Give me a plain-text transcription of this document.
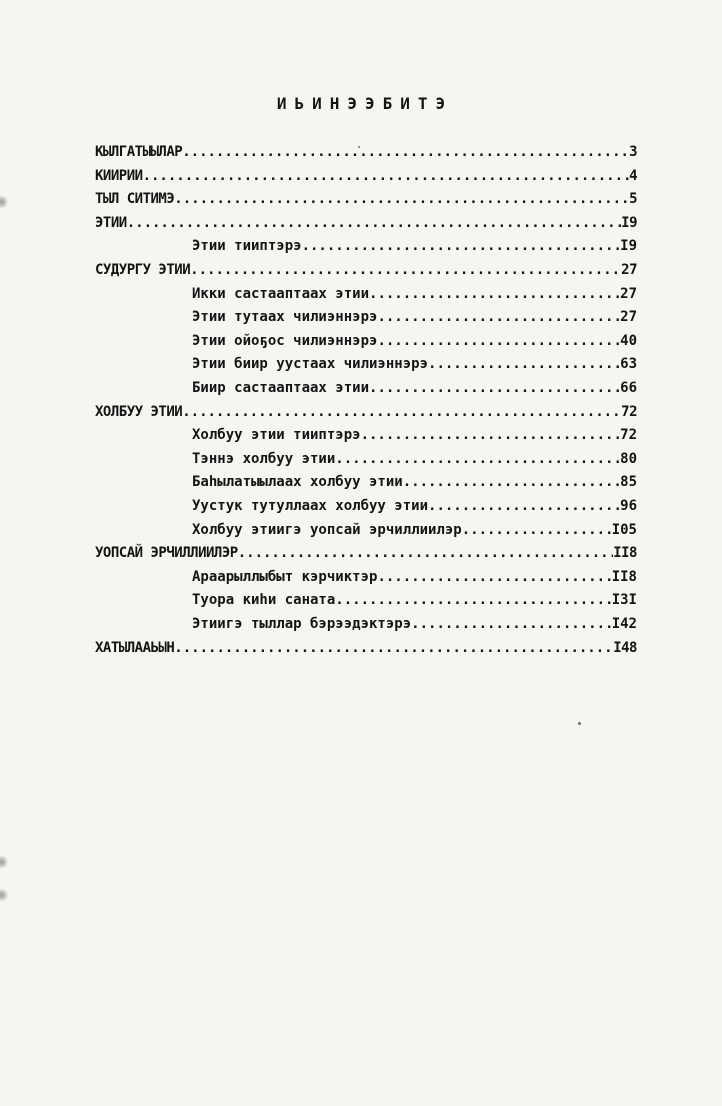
ИЬИНЭЭБИТЭ
КЫЛГАТЫЫЛАР .....	3
КИИРИИ .....	4
ТЫЛ СИТИМЭ .....	5
ЭТИИ .....	I9
Этии тииптэрэ .....	I9
СУДУРГУ ЭТИИ .....	27
Икки састааптаах этии .....	27
Этии тутаах чилиэннэрэ .....	27
Этии ойоҕос чилиэннэрэ .....	40
Этии биир уустаах чилиэннэрэ .....	63
Биир састааптаах этии .....	66
ХОЛБУУ ЭТИИ .....	72
Холбуу этии тииптэрэ .....	72
Тэннэ холбуу этии .....	80
Баһылатыылаах холбуу этии .....	85
Уустук тутуллаах холбуу этии .....	96
Холбуу этиигэ уопсай эрчиллиилэр .....	I05
УОПСАЙ ЭРЧИЛЛИИЛЭР .....	II8
Араарыллыбыт кэрчиктэр .....	II8
Туора киһи саната .....	I3I
Этиигэ тыллар бэрээдэктэрэ .....	I42
ХАТЫЛААЬЫН .....	I48
